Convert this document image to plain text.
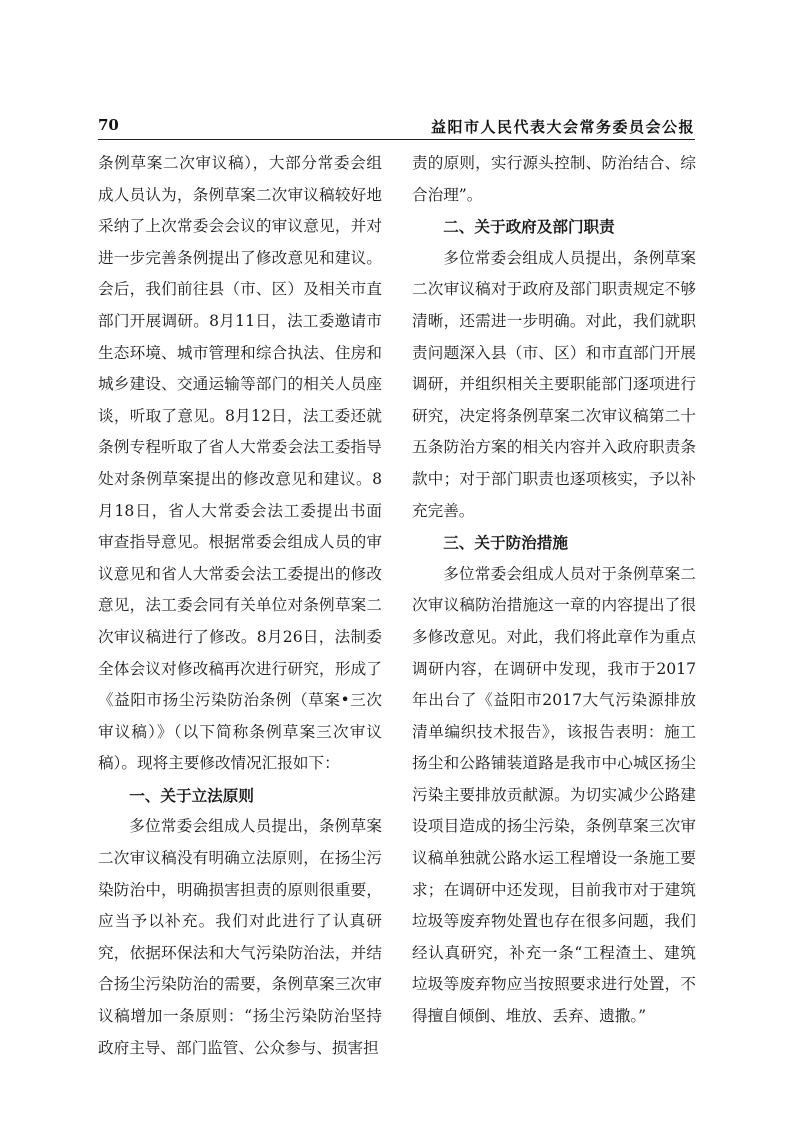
70	益阳市人民代表大会常务委员会公报

条例草案二次审议稿），大部分常委会组成人员认为，条例草案二次审议稿较好地采纳了上次常委会会议的审议意见，并对进一步完善条例提出了修改意见和建议。会后，我们前往县（市、区）及相关市直部门开展调研。8月11日，法工委邀请市生态环境、城市管理和综合执法、住房和城乡建设、交通运输等部门的相关人员座谈，听取了意见。8月12日，法工委还就条例专程听取了省人大常委会法工委指导处对条例草案提出的修改意见和建议。8月18日，省人大常委会法工委提出书面审查指导意见。根据常委会组成人员的审议意见和省人大常委会法工委提出的修改意见，法工委会同有关单位对条例草案二次审议稿进行了修改。8月26日，法制委全体会议对修改稿再次进行研究，形成了《益阳市扬尘污染防治条例（草案•三次审议稿）》（以下简称条例草案三次审议稿）。现将主要修改情况汇报如下：

一、关于立法原则

多位常委会组成人员提出，条例草案二次审议稿没有明确立法原则，在扬尘污染防治中，明确损害担责的原则很重要，应当予以补充。我们对此进行了认真研究，依据环保法和大气污染防治法，并结合扬尘污染防治的需要，条例草案三次审议稿增加一条原则：“扬尘污染防治坚持政府主导、部门监管、公众参与、损害担

责的原则，实行源头控制、防治结合、综合治理”。

二、关于政府及部门职责

多位常委会组成人员提出，条例草案二次审议稿对于政府及部门职责规定不够清晰，还需进一步明确。对此，我们就职责问题深入县（市、区）和市直部门开展调研，并组织相关主要职能部门逐项进行研究，决定将条例草案二次审议稿第二十五条防治方案的相关内容并入政府职责条款中；对于部门职责也逐项核实，予以补充完善。

三、关于防治措施

多位常委会组成人员对于条例草案二次审议稿防治措施这一章的内容提出了很多修改意见。对此，我们将此章作为重点调研内容，在调研中发现，我市于2017年出台了《益阳市2017大气污染源排放清单编织技术报告》，该报告表明：施工扬尘和公路铺装道路是我市中心城区扬尘污染主要排放贡献源。为切实减少公路建设项目造成的扬尘污染，条例草案三次审议稿单独就公路水运工程增设一条施工要求；在调研中还发现，目前我市对于建筑垃圾等废弃物处置也存在很多问题，我们经认真研究，补充一条“工程渣土、建筑垃圾等废弃物应当按照要求进行处置，不得擅自倾倒、堆放、丢弃、遗撒。”
